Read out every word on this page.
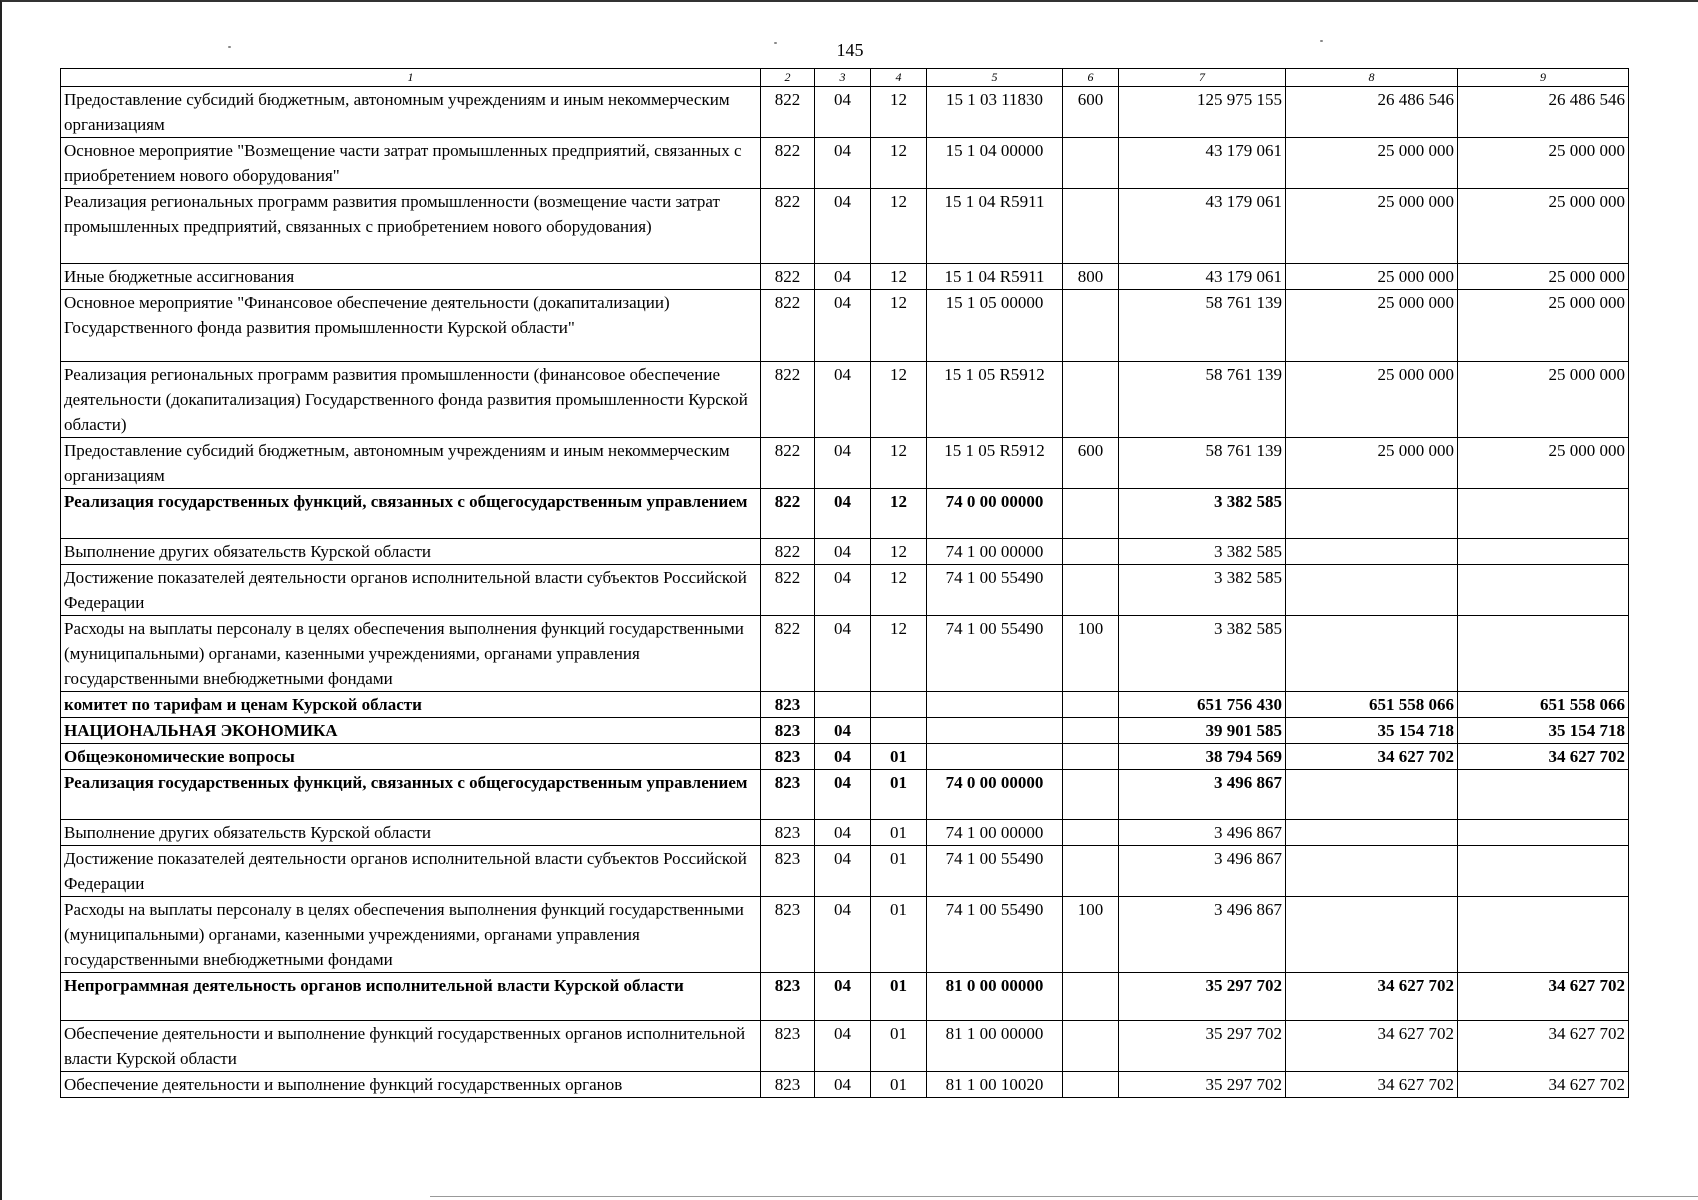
145
1	2	3	4	5	6	7	8	9
Предоставление субсидий бюджетным, автономным учреждениям и иным некоммерческим организациям	822	04	12	15 1 03 11830	600	125 975 155	26 486 546	26 486 546
Основное мероприятие "Возмещение части затрат промышленных предприятий, связанных с приобретением нового оборудования"	822	04	12	15 1 04 00000		43 179 061	25 000 000	25 000 000
Реализация региональных программ развития промышленности (возмещение части затрат промышленных предприятий, связанных с приобретением нового оборудования)	822	04	12	15 1 04 R5911		43 179 061	25 000 000	25 000 000
Иные бюджетные ассигнования	822	04	12	15 1 04 R5911	800	43 179 061	25 000 000	25 000 000
Основное мероприятие "Финансовое обеспечение деятельности (докапитализации) Государственного фонда развития промышленности Курской области"	822	04	12	15 1 05 00000		58 761 139	25 000 000	25 000 000
Реализация региональных программ развития промышленности (финансовое обеспечение деятельности (докапитализация) Государственного фонда развития промышленности Курской области)	822	04	12	15 1 05 R5912		58 761 139	25 000 000	25 000 000
Предоставление субсидий бюджетным, автономным учреждениям и иным некоммерческим организациям	822	04	12	15 1 05 R5912	600	58 761 139	25 000 000	25 000 000
Реализация государственных функций, связанных с общегосударственным управлением	822	04	12	74 0 00 00000		3 382 585		
Выполнение других обязательств Курской области	822	04	12	74 1 00 00000		3 382 585		
Достижение показателей деятельности органов исполнительной власти субъектов Российской Федерации	822	04	12	74 1 00 55490		3 382 585		
Расходы на выплаты персоналу в целях обеспечения выполнения функций государственными (муниципальными) органами, казенными учреждениями, органами управления государственными внебюджетными фондами	822	04	12	74 1 00 55490	100	3 382 585		
комитет по тарифам и ценам Курской области	823					651 756 430	651 558 066	651 558 066
НАЦИОНАЛЬНАЯ ЭКОНОМИКА	823	04				39 901 585	35 154 718	35 154 718
Общеэкономические вопросы	823	04	01			38 794 569	34 627 702	34 627 702
Реализация государственных функций, связанных с общегосударственным управлением	823	04	01	74 0 00 00000		3 496 867		
Выполнение других обязательств Курской области	823	04	01	74 1 00 00000		3 496 867		
Достижение показателей деятельности органов исполнительной власти субъектов Российской Федерации	823	04	01	74 1 00 55490		3 496 867		
Расходы на выплаты персоналу в целях обеспечения выполнения функций государственными (муниципальными) органами, казенными учреждениями, органами управления государственными внебюджетными фондами	823	04	01	74 1 00 55490	100	3 496 867		
Непрограммная деятельность органов исполнительной власти Курской области	823	04	01	81 0 00 00000		35 297 702	34 627 702	34 627 702
Обеспечение деятельности и выполнение функций государственных органов исполнительной власти Курской области	823	04	01	81 1 00 00000		35 297 702	34 627 702	34 627 702
Обеспечение деятельности и выполнение функций государственных органов	823	04	01	81 1 00 10020		35 297 702	34 627 702	34 627 702
